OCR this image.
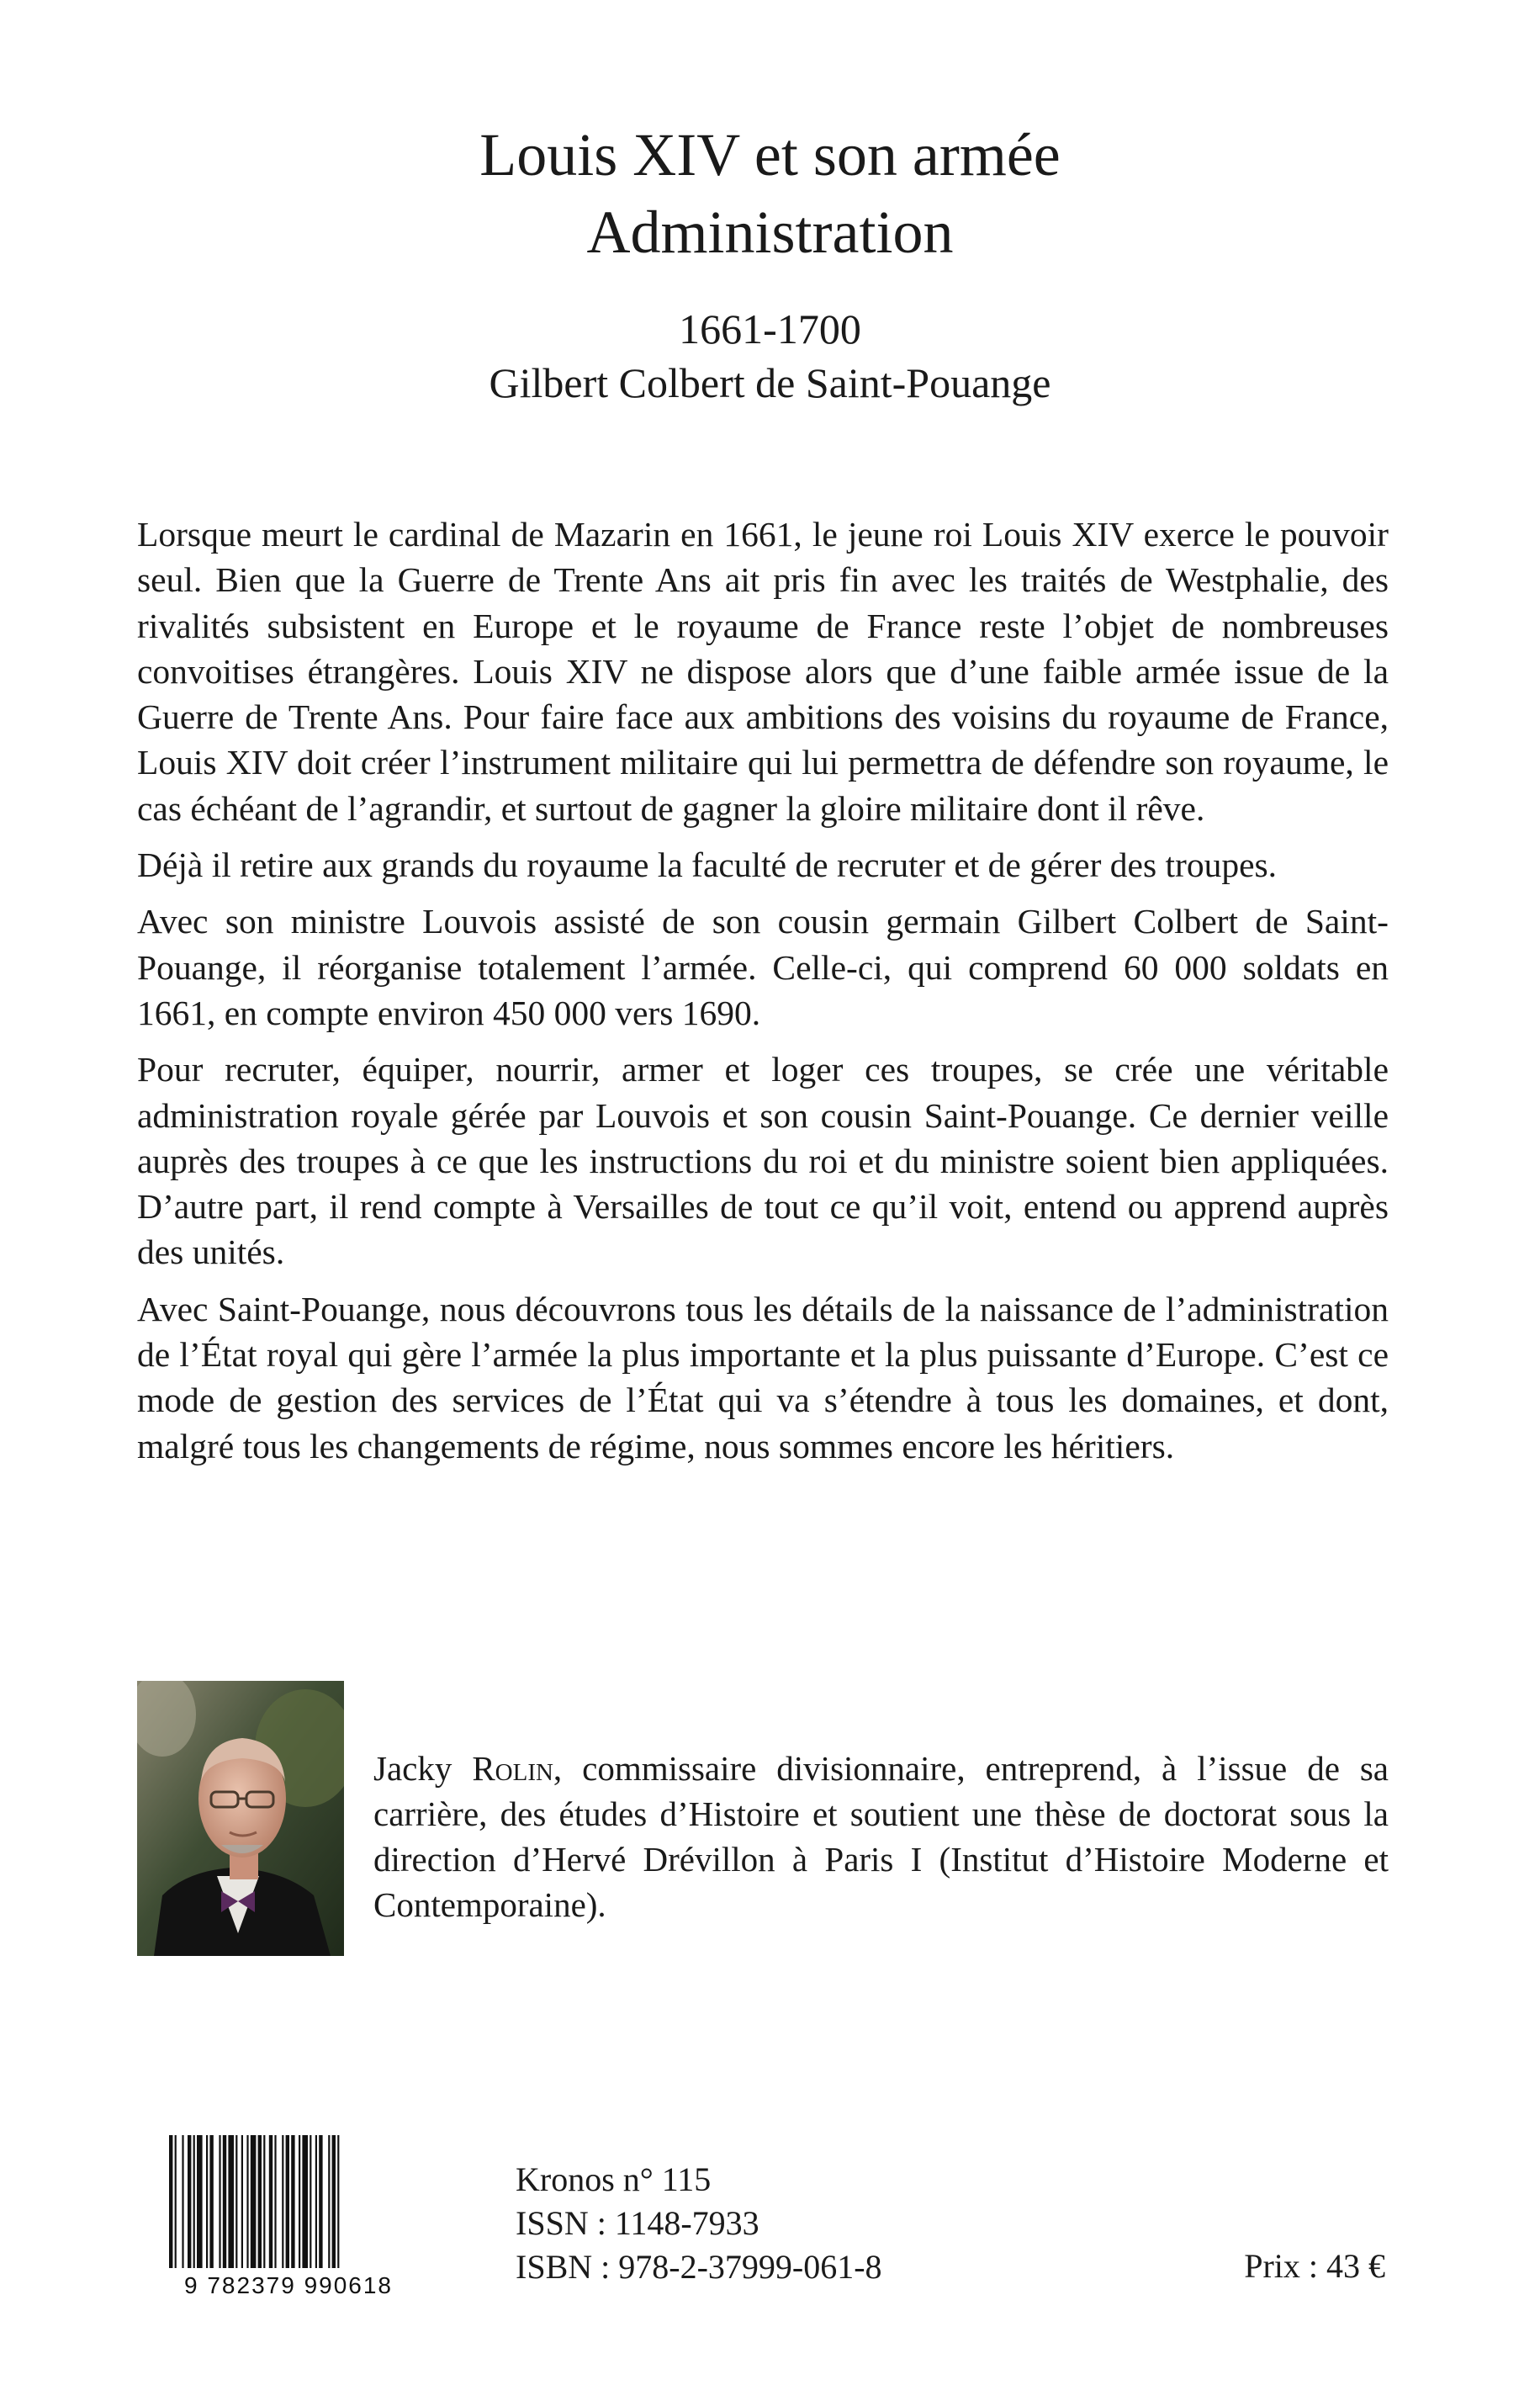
Louis XIV et son armée
Administration
1661-1700
Gilbert Colbert de Saint-Pouange

Lorsque meurt le cardinal de Mazarin en 1661, le jeune roi Louis XIV exerce le pouvoir seul. Bien que la Guerre de Trente Ans ait pris fin avec les traités de Westphalie, des rivalités subsistent en Europe et le royaume de France reste l’objet de nombreuses convoitises étrangères. Louis XIV ne dispose alors que d’une faible armée issue de la Guerre de Trente Ans. Pour faire face aux ambitions des voisins du royaume de France, Louis XIV doit créer l’instrument militaire qui lui permettra de défendre son royaume, le cas échéant de l’agrandir, et surtout de gagner la gloire militaire dont il rêve.

Déjà il retire aux grands du royaume la faculté de recruter et de gérer des troupes.

Avec son ministre Louvois assisté de son cousin germain Gilbert Colbert de Saint-Pouange, il réorganise totalement l’armée. Celle-ci, qui comprend 60 000 soldats en 1661, en compte environ 450 000 vers 1690.

Pour recruter, équiper, nourrir, armer et loger ces troupes, se crée une véritable administration royale gérée par Louvois et son cousin Saint-Pouange. Ce dernier veille auprès des troupes à ce que les instructions du roi et du ministre soient bien appliquées. D’autre part, il rend compte à Versailles de tout ce qu’il voit, entend ou apprend auprès des unités.

Avec Saint-Pouange, nous découvrons tous les détails de la naissance de l’administration de l’État royal qui gère l’armée la plus importante et la plus puissante d’Europe. C’est ce mode de gestion des services de l’État qui va s’étendre à tous les domaines, et dont, malgré tous les changements de régime, nous sommes encore les héritiers.

Jacky Rolin, commissaire divisionnaire, entreprend, à l’issue de sa carrière, des études d’Histoire et soutient une thèse de doctorat sous la direction d’Hervé Drévillon à Paris I (Institut d’Histoire Moderne et Contemporaine).
9 782379 990618
Kronos n° 115
ISSN : 1148-7933
ISBN : 978-2-37999-061-8	Prix : 43 €
